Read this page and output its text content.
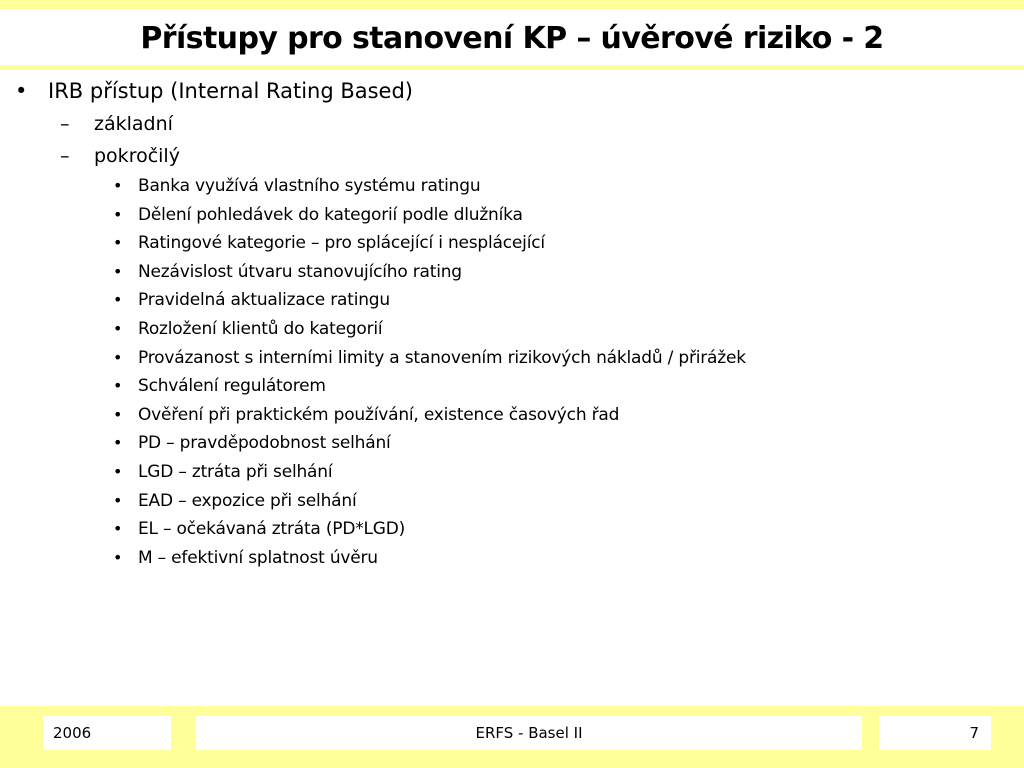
Přístupy pro stanovení KP – úvěrové riziko - 2
• IRB přístup (Internal Rating Based)
– základní
– pokročilý
• Banka využívá vlastního systému ratingu
• Dělení pohledávek do kategorií podle dlužníka
• Ratingové kategorie – pro splácející i nesplácející
• Nezávislost útvaru stanovujícího rating
• Pravidelná aktualizace ratingu
• Rozložení klientů do kategorií
• Provázanost s interními limity a stanovením rizikových nákladů / přirážek
• Schválení regulátorem
• Ověření při praktickém používání, existence časových řad
• PD – pravděpodobnost selhání
• LGD – ztráta při selhání
• EAD – expozice při selhání
• EL – očekávaná ztráta (PD*LGD)
• M – efektivní splatnost úvěru
2006	ERFS - Basel II	7
